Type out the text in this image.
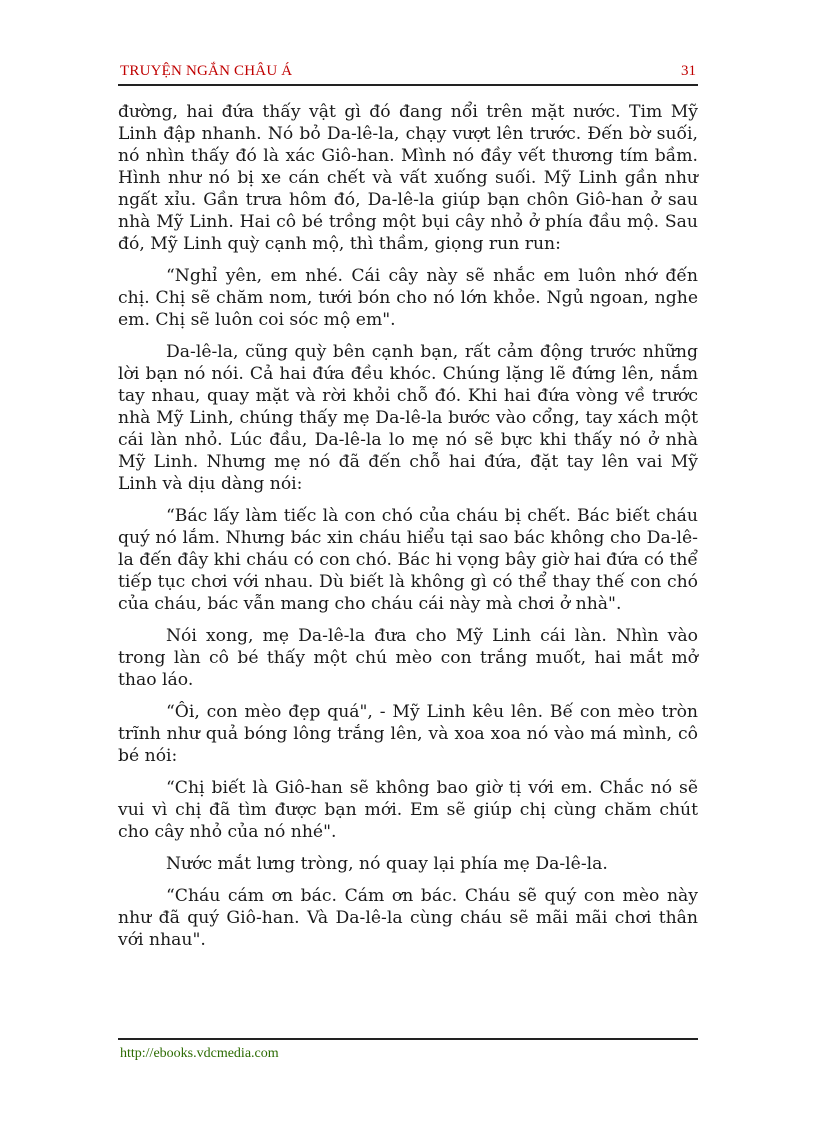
TRUYỆN NGẮN CHÂU Á	31

đường, hai đứa thấy vật gì đó đang nổi trên mặt nước. Tim Mỹ Linh đập nhanh. Nó bỏ Da-lê-la, chạy vượt lên trước. Đến bờ suối, nó nhìn thấy đó là xác Giô-han. Mình nó đầy vết thương tím bầm. Hình như nó bị xe cán chết và vất xuống suối. Mỹ Linh gần như ngất xỉu. Gần trưa hôm đó, Da-lê-la giúp bạn chôn Giô-han ở sau nhà Mỹ Linh. Hai cô bé trồng một bụi cây nhỏ ở phía đầu mộ. Sau đó, Mỹ Linh quỳ cạnh mộ, thì thầm, giọng run run:

“Nghỉ yên, em nhé. Cái cây này sẽ nhắc em luôn nhớ đến chị. Chị sẽ chăm nom, tưới bón cho nó lớn khỏe. Ngủ ngoan, nghe em. Chị sẽ luôn coi sóc mộ em".

Da-lê-la, cũng quỳ bên cạnh bạn, rất cảm động trước những lời bạn nó nói. Cả hai đứa đều khóc. Chúng lặng lẽ đứng lên, nắm tay nhau, quay mặt và rời khỏi chỗ đó. Khi hai đứa vòng về trước nhà Mỹ Linh, chúng thấy mẹ Da-lê-la bước vào cổng, tay xách một cái làn nhỏ. Lúc đầu, Da-lê-la lo mẹ nó sẽ bực khi thấy nó ở nhà Mỹ Linh. Nhưng mẹ nó đã đến chỗ hai đứa, đặt tay lên vai Mỹ Linh và dịu dàng nói:

“Bác lấy làm tiếc là con chó của cháu bị chết. Bác biết cháu quý nó lắm. Nhưng bác xin cháu hiểu tại sao bác không cho Da-lê-la đến đây khi cháu có con chó. Bác hi vọng bây giờ hai đứa có thể tiếp tục chơi với nhau. Dù biết là không gì có thể thay thế con chó của cháu, bác vẫn mang cho cháu cái này mà chơi ở nhà".

Nói xong, mẹ Da-lê-la đưa cho Mỹ Linh cái làn. Nhìn vào trong làn cô bé thấy một chú mèo con trắng muốt, hai mắt mở thao láo.

“Ôi, con mèo đẹp quá", - Mỹ Linh kêu lên. Bế con mèo tròn trĩnh như quả bóng lông trắng lên, và xoa xoa nó vào má mình, cô bé nói:

“Chị biết là Giô-han sẽ không bao giờ tị với em. Chắc nó sẽ vui vì chị đã tìm được bạn mới. Em sẽ giúp chị cùng chăm chút cho cây nhỏ của nó nhé".

Nước mắt lưng tròng, nó quay lại phía mẹ Da-lê-la.

“Cháu cám ơn bác. Cám ơn bác. Cháu sẽ quý con mèo này như đã quý Giô-han. Và Da-lê-la cùng cháu sẽ mãi mãi chơi thân với nhau".

http://ebooks.vdcmedia.com
